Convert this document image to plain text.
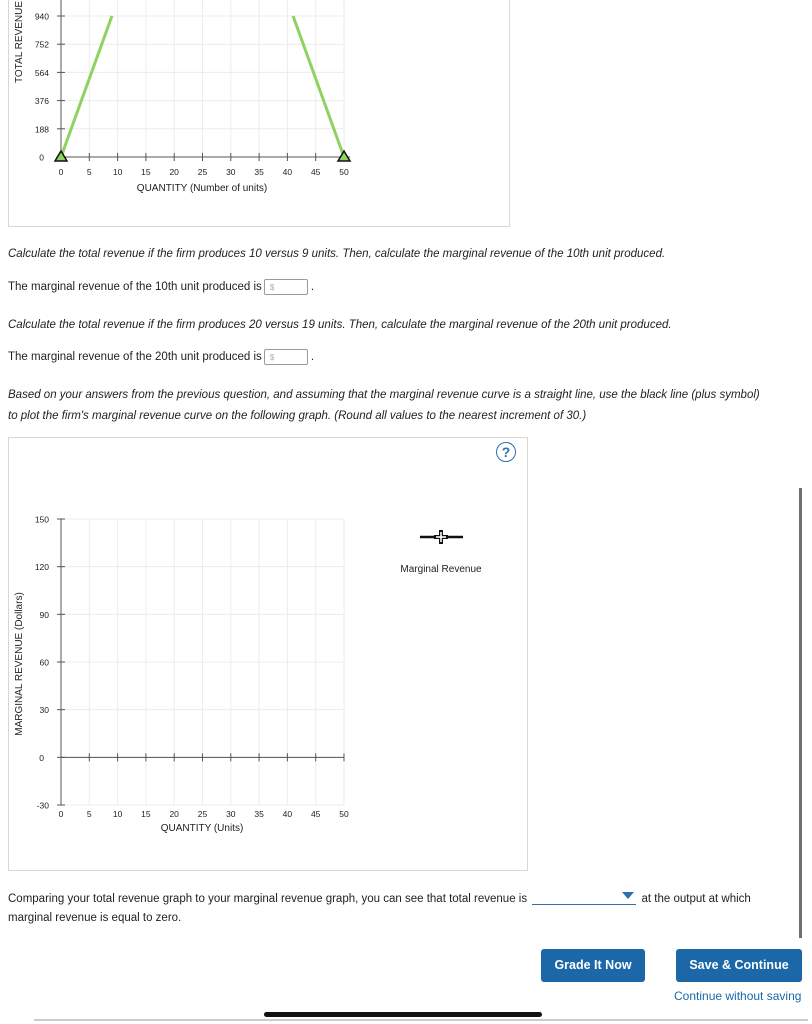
TOTAL REVENUE 940
752
564
376
188
0
0	5 10 15 20 25 30 35 40 45 50
QUANTITY (Number of units)
Calculate the total revenue if the firm produces 10 versus 9 units. Then, calculate the marginal revenue of the 10th unit produced.
The marginal revenue of the 10th unit produced is $	.
Calculate the total revenue if the firm produces 20 versus 19 units. Then, calculate the marginal revenue of the 20th unit produced.
The marginal revenue of the 20th unit produced is $	.
Based on your answers from the previous question, and assuming that the marginal revenue curve is a straight line, use the black line (plus symbol)
to plot the firm's marginal revenue curve on the following graph. (Round all values to the nearest increment of 30.)
?
MARGINAL REVENUE (Dollars)
150
120
90
60
30
0
-30
0	5 10 15 20 25 30 35 40 45 50
QUANTITY (Units)
Marginal Revenue
Comparing your total revenue graph to your marginal revenue graph, you can see that total revenue is	at the output at which
marginal revenue is equal to zero.
Grade It Now	Save & Continue
Continue without saving
